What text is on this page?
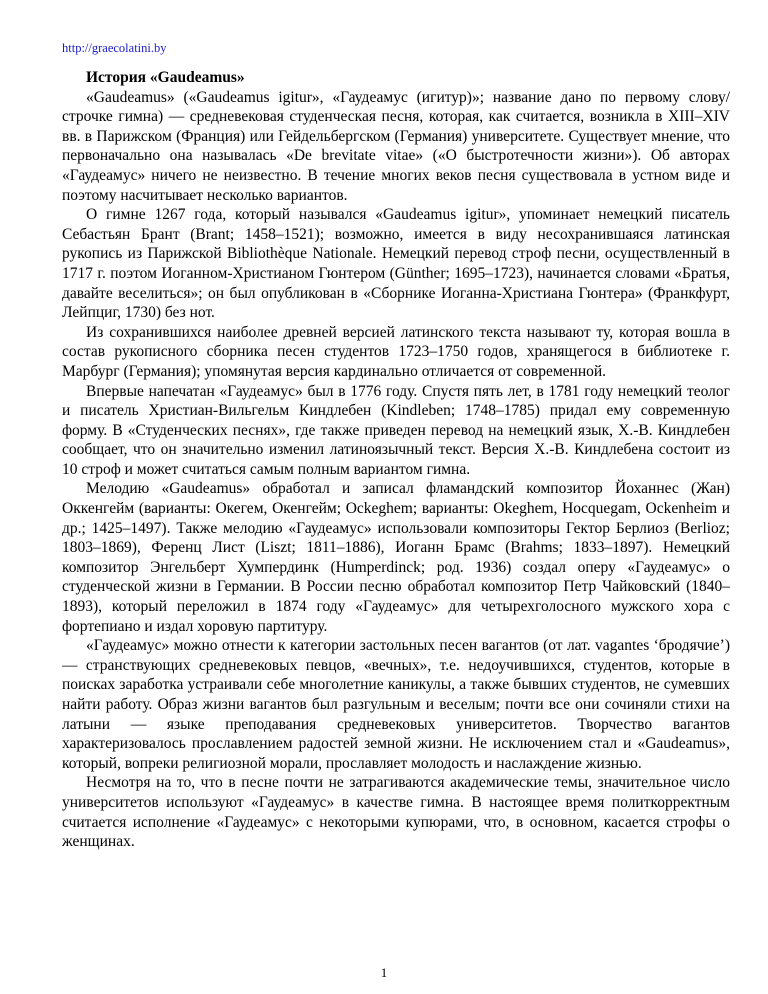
http://graecolatini.by
История «Gaudeamus»

«Gaudeamus» («Gaudeamus igitur», «Гаудеамус (игитур)»; название дано по первому слову/строчке гимна) — средневековая студенческая песня, которая, как считается, возникла в XIII–XIV вв. в Парижском (Франция) или Гейдельбергском (Германия) университете. Существует мнение, что первоначально она называлась «De brevitate vitae» («О быстротечности жизни»). Об авторах «Гаудеамус» ничего не неизвестно. В течение многих веков песня существовала в устном виде и поэтому насчитывает несколько вариантов.

О гимне 1267 года, который назывался «Gaudeamus igitur», упоминает немецкий писатель Себастьян Брант (Brant; 1458–1521); возможно, имеется в виду несохранившаяся латинская рукопись из Парижской Bibliothèque Nationale. Немецкий перевод строф песни, осуществленный в 1717 г. поэтом Иоганном-Христианом Гюнтером (Günther; 1695–1723), начинается словами «Братья, давайте веселиться»; он был опубликован в «Сборнике Иоганна-Христиана Гюнтера» (Франкфурт, Лейпциг, 1730) без нот.

Из сохранившихся наиболее древней версией латинского текста называют ту, которая вошла в состав рукописного сборника песен студентов 1723–1750 годов, хранящегося в библиотеке г. Марбург (Германия); упомянутая версия кардинально отличается от современной.

Впервые напечатан «Гаудеамус» был в 1776 году. Спустя пять лет, в 1781 году немецкий теолог и писатель Христиан-Вильгельм Киндлебен (Kindleben; 1748–1785) придал ему современную форму. В «Студенческих песнях», где также приведен перевод на немецкий язык, Х.-В. Киндлебен сообщает, что он значительно изменил латиноязычный текст. Версия Х.-В. Киндлебена состоит из 10 строф и может считаться самым полным вариантом гимна.

Мелодию «Gaudeamus» обработал и записал фламандский композитор Йоханнес (Жан) Оккенгейм (варианты: Окегем, Окенгейм; Ockeghem; варианты: Okeghem, Hocquegam, Ockenheim и др.; 1425–1497). Также мелодию «Гаудеамус» использовали композиторы Гектор Берлиоз (Berlioz; 1803–1869), Ференц Лист (Liszt; 1811–1886), Иоганн Брамс (Brahms; 1833–1897). Немецкий композитор Энгельберт Хумпердинк (Humperdinck; род. 1936) создал оперу «Гаудеамус» о студенческой жизни в Германии. В России песню обработал композитор Петр Чайковский (1840–1893), который переложил в 1874 году «Гаудеамус» для четырехголосного мужского хора с фортепиано и издал хоровую партитуру.

«Гаудеамус» можно отнести к категории застольных песен вагантов (от лат. vagantes ‘бродячие’) — странствующих средневековых певцов, «вечных», т.е. недоучившихся, студентов, которые в поисках заработка устраивали себе многолетние каникулы, а также бывших студентов, не сумевших найти работу. Образ жизни вагантов был разгульным и веселым; почти все они сочиняли стихи на латыни — языке преподавания средневековых университетов. Творчество вагантов характеризовалось прославлением радостей земной жизни. Не исключением стал и «Gaudeamus», который, вопреки религиозной морали, прославляет молодость и наслаждение жизнью.

Несмотря на то, что в песне почти не затрагиваются академические темы, значительное число университетов используют «Гаудеамус» в качестве гимна. В настоящее время политкорректным считается исполнение «Гаудеамус» с некоторыми купюрами, что, в основном, касается строфы о женщинах.

1
